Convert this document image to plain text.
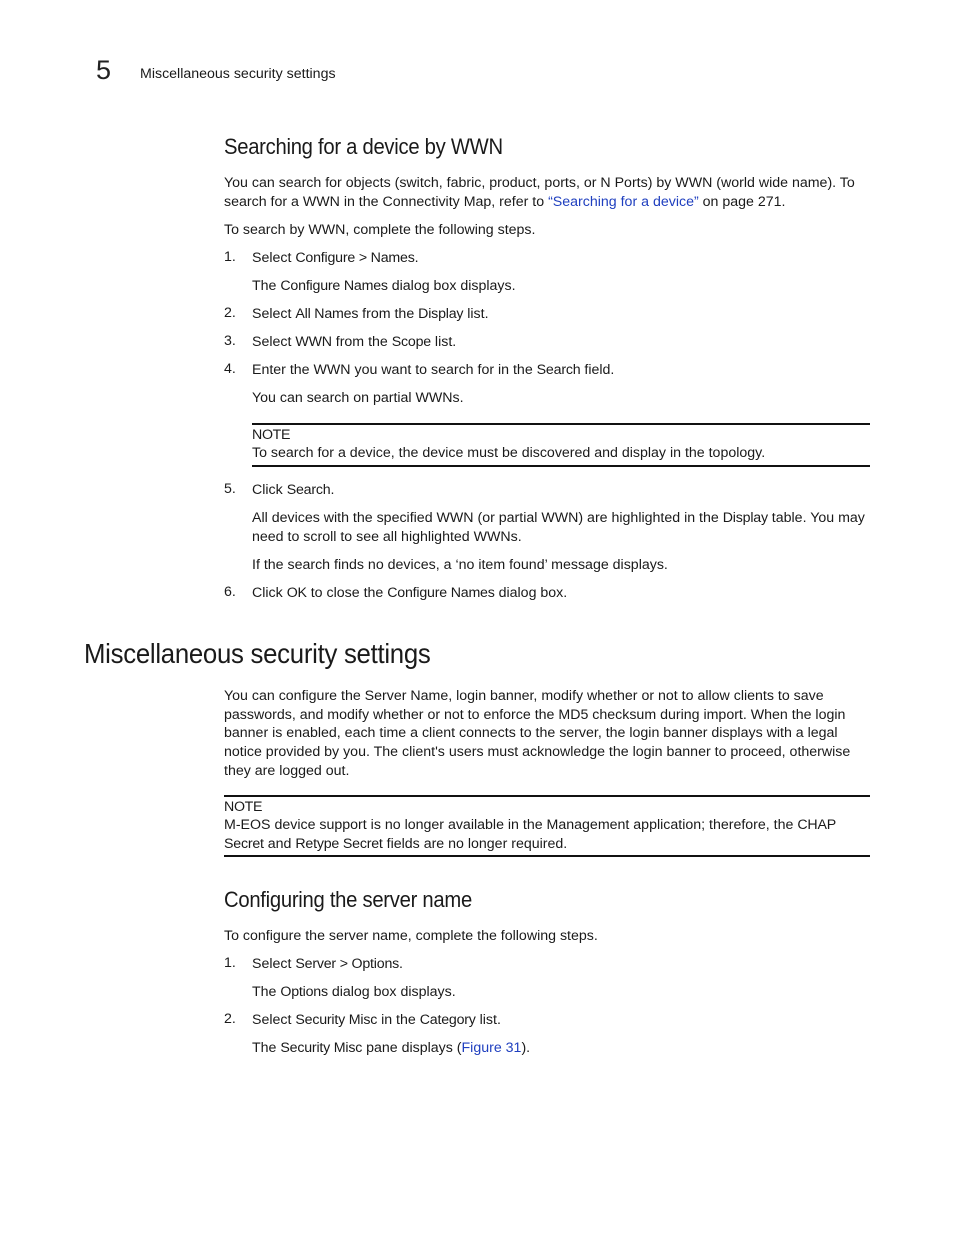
5 Miscellaneous security settings
Searching for a device by WWN

You can search for objects (switch, fabric, product, ports, or N Ports) by WWN (world wide name). To search for a WWN in the Connectivity Map, refer to “Searching for a device” on page 271.

To search by WWN, complete the following steps.

1. Select Configure > Names.
The Configure Names dialog box displays.
2. Select All Names from the Display list.
3. Select WWN from the Scope list.
4. Enter the WWN you want to search for in the Search field.
You can search on partial WWNs.
NOTE
To search for a device, the device must be discovered and display in the topology.
5. Click Search.

All devices with the specified WWN (or partial WWN) are highlighted in the Display table. You may need to scroll to see all highlighted WWNs.

If the search finds no devices, a ‘no item found’ message displays.
6. Click OK to close the Configure Names dialog box.
Miscellaneous security settings

You can configure the Server Name, login banner, modify whether or not to allow clients to save passwords, and modify whether or not to enforce the MD5 checksum during import. When the login banner is enabled, each time a client connects to the server, the login banner displays with a legal notice provided by you. The client's users must acknowledge the login banner to proceed, otherwise they are logged out.

NOTE
M-EOS device support is no longer available in the Management application; therefore, the CHAP Secret and Retype Secret fields are no longer required.
Configuring the server name

To configure the server name, complete the following steps.

1. Select Server > Options.
The Options dialog box displays.
2. Select Security Misc in the Category list.
The Security Misc pane displays (Figure 31).
